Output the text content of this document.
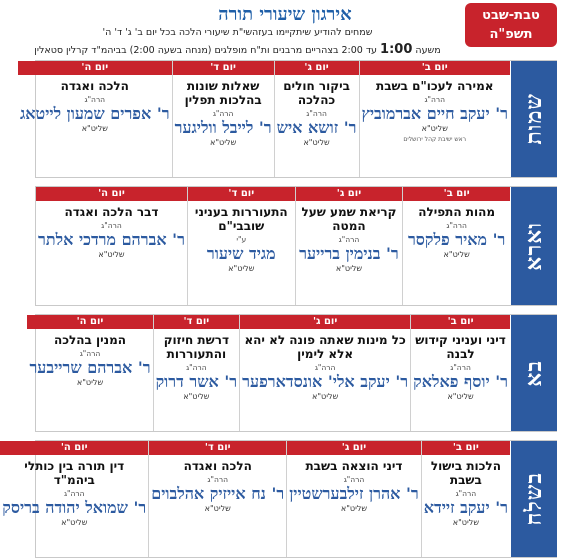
אירגון שיעורי תורה
שמחים להודיע שיתקיימו בעזהשי"ת שיעורי הלכה בכל יום ב' ג' ד' ה'
משעה 1:00 עד 2:00 בצהריים מרבנים ות"ח מופלגים (מנחה בשעה 2:00) בביהמ"ד קרלין סטאלין
טבת-שבט
תשפ"ה
שמות
יום ב'
אמירה לעכו"ם בשבת
הרה"ג
ר' יעקב חיים אברמוביץ
שליט"א
ראש ישיבת קהל ירושלים
יום ג'
ביקור חולים כהלכה
הרה"ג
ר' זושא איש
שליט"א
יום ד'
שאלות שונות בהלכות תפלין
הרה"ג
ר' לייבל ווליגער
שליט"א
יום ה'
הלכה ואגדה
הרה"ג
ר' אפרים שמעון לייטאג
שליט"א
וארא
יום ב'
מהות התפילה
הרה"ג
ר' מאיר פלקסר
שליט"א
יום ג'
קריאת שמע שעל המטה
הרה"ג
ר' בנימין ברייער
שליט"א
יום ד'
התעוררות בעניני שובבי"ם
ע"י
מגיד שיעור
שליט"א
יום ה'
דבר הלכה ואגדה
הרה"ג
ר' אברהם מרדכי אלתר
שליט"א
בא
יום ב'
דיני ועניני קידוש לבנה
הרה"ג
ר' יוסף פאלאק
שליט"א
יום ג'
כל מינות שאתה פונה לא יהא אלא לימין
הרה"ג
ר' יעקב אלי' אונסדארפער
שליט"א
יום ד'
דרשת חיזוק והתעוררות
הרה"ג
ר' אשר דרוק
שליט"א
יום ה'
המנין בהלכה
הרה"ג
ר' אברהם שרייבער
שליט"א
בשלח
יום ב'
הלכות בישול בשבת
הרה"ג
ר' יעקב זיידא
שליט"א
יום ג'
דיני הוצאה בשבת
הרה"ג
ר' אהרן זילבערשטיין
שליט"א
יום ד'
הלכה ואגדה
הרה"ג
ר' נח אייזיק אהלבוים
שליט"א
יום ה'
דין תורה בין כותלי ביהמ"ד
הרה"ג
ר' שמואל יהודה בריסק
שליט"א
